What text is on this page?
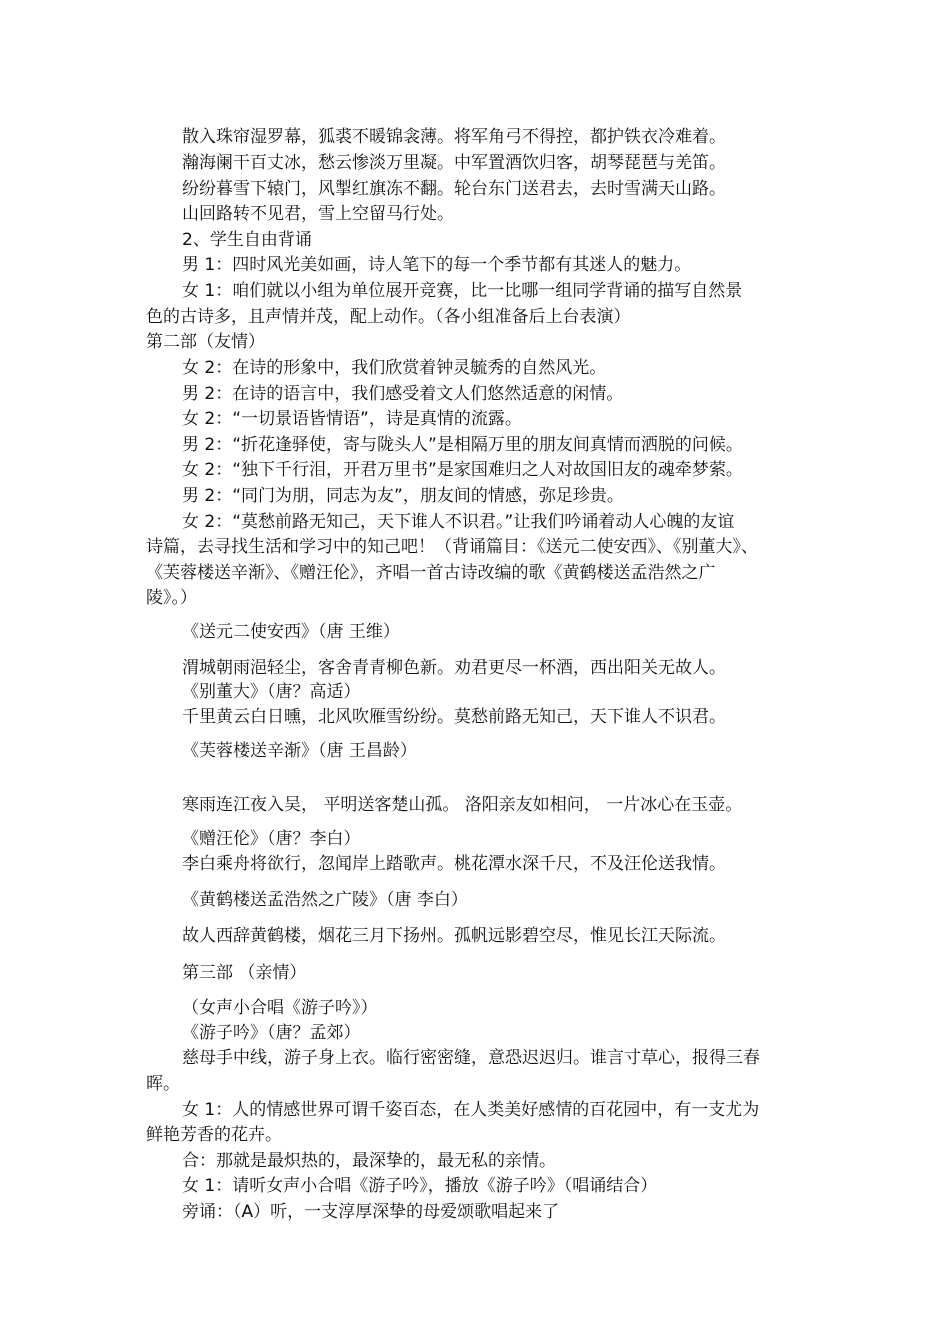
散入珠帘湿罗幕，狐裘不暖锦衾薄。将军角弓不得控，都护铁衣冷难着。
瀚海阑干百丈冰，愁云惨淡万里凝。中军置酒饮归客，胡琴琵琶与羌笛。
纷纷暮雪下辕门，风掣红旗冻不翻。轮台东门送君去，去时雪满天山路。
山回路转不见君，雪上空留马行处。
2、学生自由背诵
男 1：四时风光美如画，诗人笔下的每一个季节都有其迷人的魅力。
女 1：咱们就以小组为单位展开竞赛，比一比哪一组同学背诵的描写自然景
色的古诗多，且声情并茂，配上动作。（各小组准备后上台表演）
第二部（友情）
女 2：在诗的形象中，我们欣赏着钟灵毓秀的自然风光。
男 2：在诗的语言中，我们感受着文人们悠然适意的闲情。
女 2：“一切景语皆情语”，诗是真情的流露。
男 2：“折花逢驿使，寄与陇头人”是相隔万里的朋友间真情而洒脱的问候。
女 2：“独下千行泪，开君万里书”是家国难归之人对故国旧友的魂牵梦萦。
男 2：“同门为朋，同志为友”，朋友间的情感，弥足珍贵。
女 2：“莫愁前路无知己，天下谁人不识君。”让我们吟诵着动人心魄的友谊
诗篇，去寻找生活和学习中的知己吧！（背诵篇目：《送元二使安西》、《别董大》、
《芙蓉楼送辛渐》、《赠汪伦》，齐唱一首古诗改编的歌《黄鹤楼送孟浩然之广
陵》。）
《送元二使安西》（唐 王维）
渭城朝雨浥轻尘，客舍青青柳色新。劝君更尽一杯酒，西出阳关无故人。
《别董大》（唐？高适）
千里黄云白日曛，北风吹雁雪纷纷。莫愁前路无知己，天下谁人不识君。
《芙蓉楼送辛渐》（唐 王昌龄）
寒雨连江夜入吴， 平明送客楚山孤。 洛阳亲友如相问， 一片冰心在玉壶。
《赠汪伦》（唐？李白）
李白乘舟将欲行，忽闻岸上踏歌声。桃花潭水深千尺，不及汪伦送我情。
《黄鹤楼送孟浩然之广陵》（唐 李白）
故人西辞黄鹤楼，烟花三月下扬州。孤帆远影碧空尽，惟见长江天际流。
第三部 （亲情）
（女声小合唱《游子吟》）
《游子吟》（唐？孟郊）
慈母手中线，游子身上衣。临行密密缝，意恐迟迟归。谁言寸草心，报得三春
晖。
女 1：人的情感世界可谓千姿百态，在人类美好感情的百花园中，有一支尤为
鲜艳芳香的花卉。
合：那就是最炽热的，最深挚的，最无私的亲情。
女 1：请听女声小合唱《游子吟》，播放《游子吟》（唱诵结合）
旁诵：（A）听，一支淳厚深挚的母爱颂歌唱起来了
